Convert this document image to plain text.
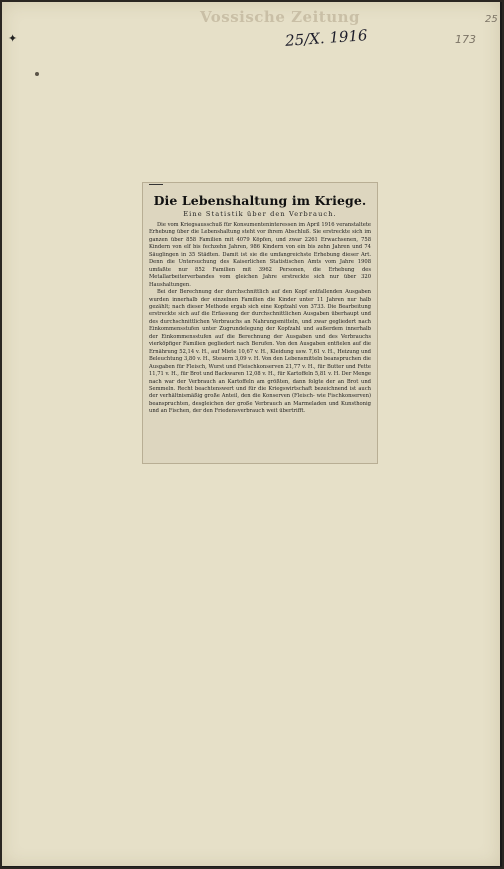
Vossische Zeitung	25
25/X. 1916	173
✦
Die Lebenshaltung im Kriege.
Eine Statistik über den Verbrauch.

Die vom Kriegsausschuß für Konsumenteninteressen im April 1916 veranstaltete Erhebung über die Lebenshaltung steht vor ihrem Abschluß. Sie erstreckte sich im ganzen über 858 Familien mit 4079 Köpfen, und zwar 2261 Erwachsenen, 758 Kindern von elf bis fechzehn Jahren, 986 Kindern von ein bis zehn Jahren und 74 Säuglingen in 35 Städten. Damit ist sie die umfangreichste Erhebung dieser Art. Denn die Untersuchung des Kaiserlichen Statistischen Amts vom Jahre 1908 umfaßte nur 852 Familien mit 3962 Personen, die Erhebung des Metallarbeiterverbandes vom gleichen Jahre erstreckte sich nur über 320 Haushaltungen.

Bei der Berechnung der durchschnittlich auf den Kopf entfallenden Ausgaben wurden innerhalb der einzelnen Familien die Kinder unter 11 Jahren nur halb gezählt; nach dieser Methode ergab sich eine Kopfzahl von 3733. Die Bearbeitung erstreckte sich auf die Erfassung der durchschnittlichen Ausgaben überhaupt und des durchschnittlichen Verbrauchs an Nahrungsmitteln, und zwar gegliedert nach Einkommensstufen unter Zugrundelegung der Kopfzahl und außerdem innerhalb der Einkommensstufen auf die Berechnung der Ausgaben und des Verbrauchs vierköpfiger Familien gegliedert nach Berufen. Von den Ausgaben entfielen auf die Ernährung 52,14 v. H., auf Miete 10,67 v. H., Kleidung usw. 7,61 v. H., Heizung und Beleuchtung 3,80 v. H., Steuern 3,09 v. H. Von den Lebensmitteln beanspruchen die Ausgaben für Fleisch, Wurst und Fleischkonserven 21,77 v. H., für Butter und Fette 11,71 v. H., für Brot und Backwaren 12,08 v. H., für Kartoffeln 5,81 v. H. Der Menge nach war der Verbrauch an Kartoffeln am größten, dann folgte der an Brot und Semmeln. Recht beachtenswert und für die Kriegswirtschaft bezeichnend ist auch der verhältnismäßig große Anteil, den die Konserven (Fleisch- wie Fischkonserven) beanspruchten, desgleichen der große Verbrauch an Marmeladen und Kunsthonig und an Fischen, der den Friedensverbrauch weit übertrifft.
